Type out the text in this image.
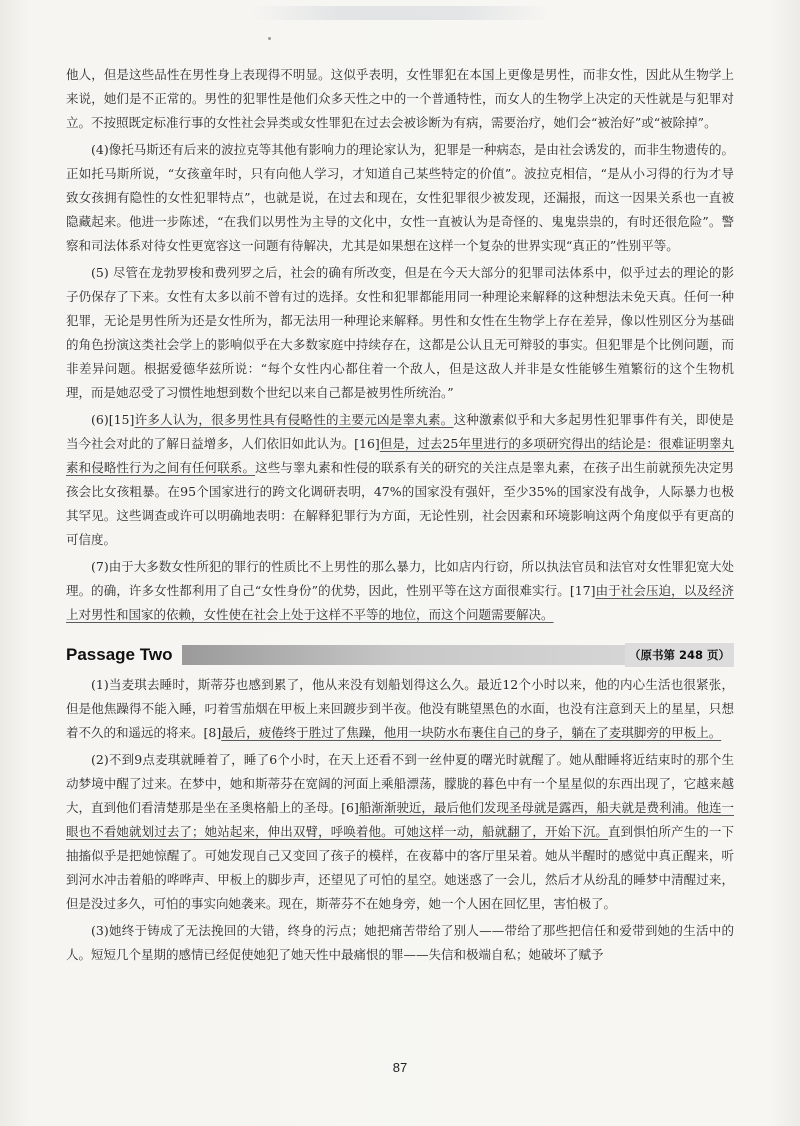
他人，但是这些品性在男性身上表现得不明显。这似乎表明，女性罪犯在本国上更像是男性，而非女性，因此从生物学上来说，她们是不正常的。男性的犯罪性是他们众多天性之中的一个普通特性，而女人的生物学上决定的天性就是与犯罪对立。不按照既定标准行事的女性社会异类或女性罪犯在过去会被诊断为有病，需要治疗，她们会“被治好”或“被除掉”。

(4)像托马斯还有后来的波拉克等其他有影响力的理论家认为，犯罪是一种病态，是由社会诱发的，而非生物遗传的。正如托马斯所说，“女孩童年时，只有向他人学习，才知道自己某些特定的价值”。波拉克相信，“是从小习得的行为才导致女孩拥有隐性的女性犯罪特点”，也就是说，在过去和现在，女性犯罪很少被发现，还漏报，而这一因果关系也一直被隐藏起来。他进一步陈述，“在我们以男性为主导的文化中，女性一直被认为是奇怪的、鬼鬼祟祟的，有时还很危险”。警察和司法体系对待女性更宽容这一问题有待解决，尤其是如果想在这样一个复杂的世界实现“真正的”性别平等。

(5) 尽管在龙勃罗梭和费列罗之后，社会的确有所改变，但是在今天大部分的犯罪司法体系中，似乎过去的理论的影子仍保存了下来。女性有太多以前不曾有过的选择。女性和犯罪都能用同一种理论来解释的这种想法未免天真。任何一种犯罪，无论是男性所为还是女性所为，都无法用一种理论来解释。男性和女性在生物学上存在差异，像以性别区分为基础的角色扮演这类社会学上的影响似乎在大多数家庭中持续存在，这都是公认且无可辩驳的事实。但犯罪是个比例问题，而非差异问题。根据爱德华兹所说：“每个女性内心都住着一个敌人，但是这敌人并非是女性能够生殖繁衍的这个生物机理，而是她忍受了习惯性地想到数个世纪以来自己都是被男性所统治。”

(6)[15]许多人认为，很多男性具有侵略性的主要元凶是睾丸素。这种激素似乎和大多起男性犯罪事件有关，即使是当今社会对此的了解日益增多，人们依旧如此认为。[16]但是，过去25年里进行的多项研究得出的结论是：很难证明睾丸素和侵略性行为之间有任何联系。这些与睾丸素和性侵的联系有关的研究的关注点是睾丸素，在孩子出生前就预先决定男孩会比女孩粗暴。在95个国家进行的跨文化调研表明，47%的国家没有强奸，至少35%的国家没有战争，人际暴力也极其罕见。这些调查或许可以明确地表明：在解释犯罪行为方面，无论性别，社会因素和环境影响这两个角度似乎有更高的可信度。

(7)由于大多数女性所犯的罪行的性质比不上男性的那么暴力，比如店内行窃，所以执法官员和法官对女性罪犯宽大处理。的确，许多女性都利用了自己“女性身份”的优势，因此，性别平等在这方面很难实行。[17]由于社会压迫，以及经济上对男性和国家的依赖，女性使在社会上处于这样不平等的地位，而这个问题需要解决。

Passage Two	（原书第 248 页）

(1)当麦琪去睡时，斯蒂芬也感到累了，他从来没有划船划得这么久。最近12个小时以来，他的内心生活也很紧张，但是他焦躁得不能入睡，叼着雪茄烟在甲板上来回踱步到半夜。他没有眺望黑色的水面，也没有注意到天上的星星，只想着不久的和遥远的将来。[8]最后，疲倦终于胜过了焦躁，他用一块防水布裹住自己的身子，躺在了麦琪脚旁的甲板上。

(2)不到9点麦琪就睡着了，睡了6个小时，在天上还看不到一丝仲夏的曙光时就醒了。她从酣睡将近结束时的那个生动梦境中醒了过来。在梦中，她和斯蒂芬在宽阔的河面上乘船漂荡，朦胧的暮色中有一个星星似的东西出现了，它越来越大，直到他们看清楚那是坐在圣奥格船上的圣母。[6]船渐渐驶近，最后他们发现圣母就是露西，船夫就是费利浦。他连一眼也不看她就划过去了；她站起来，伸出双臂，呼唤着他。可她这样一动，船就翻了，开始下沉。直到惧怕所产生的一下抽搐似乎是把她惊醒了。可她发现自己又变回了孩子的模样，在夜幕中的客厅里呆着。她从半醒时的感觉中真正醒来，听到河水冲击着船的哗哗声、甲板上的脚步声，还望见了可怕的星空。她迷惑了一会儿，然后才从纷乱的睡梦中清醒过来，但是没过多久，可怕的事实向她袭来。现在，斯蒂芬不在她身旁，她一个人困在回忆里，害怕极了。

(3)她终于铸成了无法挽回的大错，终身的污点；她把痛苦带给了别人——带给了那些把信任和爱带到她的生活中的人。短短几个星期的感情已经促使她犯了她天性中最痛恨的罪——失信和极端自私；她破坏了赋予

87
